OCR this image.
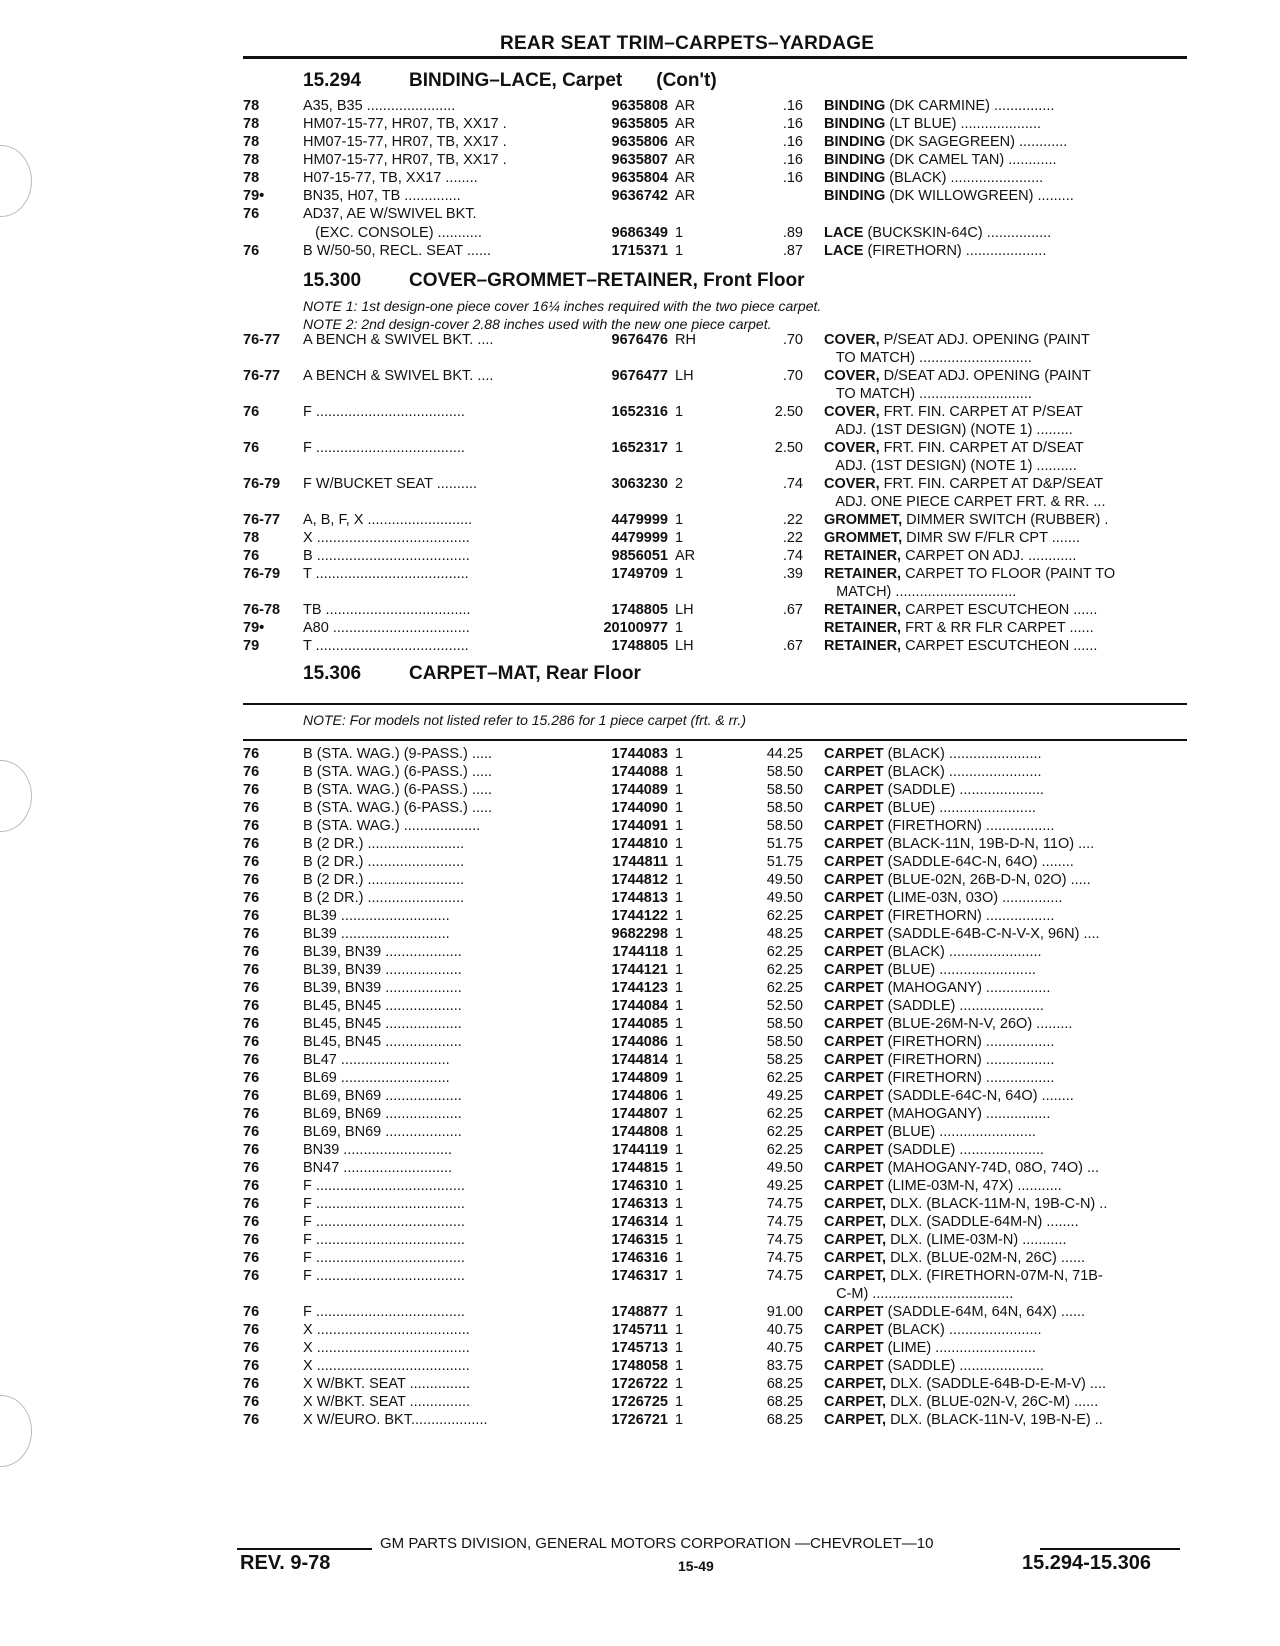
REAR SEAT TRIM–CARPETS–YARDAGE
15.294	BINDING–LACE, Carpet (Con't)
15.300	COVER–GROMMET–RETAINER, Front Floor
NOTE 1: 1st design-one piece cover 16¼ inches required with the two piece carpet.
NOTE 2: 2nd design-cover 2.88 inches used with the new one piece carpet.
15.306	CARPET–MAT, Rear Floor
NOTE: For models not listed refer to 15.286 for 1 piece carpet (frt. & rr.)
78	A35, B35 ......................	9635808 AR	.16 BINDING (DK CARMINE) ...............
78	HM07-15-77, HR07, TB, XX17 .	9635805 AR	.16 BINDING (LT BLUE) ....................
78	HM07-15-77, HR07, TB, XX17 .	9635806 AR	.16 BINDING (DK SAGEGREEN) ............
78	HM07-15-77, HR07, TB, XX17 .	9635807 AR	.16 BINDING (DK CAMEL TAN) ............
78	H07-15-77, TB, XX17 ........	9635804 AR	.16 BINDING (BLACK) .......................
79•	BN35, H07, TB ..............	9636742 AR	BINDING (DK WILLOWGREEN) .........
76	AD37, AE W/SWIVEL BKT.
(EXC. CONSOLE) ...........	9686349 1	.89 LACE (BUCKSKIN-64C) ................
76	B W/50-50, RECL. SEAT ......	1715371 1	.87 LACE (FIRETHORN) ....................
76-77	A BENCH & SWIVEL BKT. ....	9676476 RH	.70 COVER, P/SEAT ADJ. OPENING (PAINT
TO MATCH) ............................
76-77	A BENCH & SWIVEL BKT. ....	9676477 LH	.70 COVER, D/SEAT ADJ. OPENING (PAINT
TO MATCH) ............................
76	F .....................................	1652316 1	2.50 COVER, FRT. FIN. CARPET AT P/SEAT
ADJ. (1ST DESIGN) (NOTE 1) .........
76	F .....................................	1652317 1	2.50 COVER, FRT. FIN. CARPET AT D/SEAT
ADJ. (1ST DESIGN) (NOTE 1) ..........
76-79	F W/BUCKET SEAT ..........	3063230 2	.74 COVER, FRT. FIN. CARPET AT D&P/SEAT
ADJ. ONE PIECE CARPET FRT. & RR. ...
76-77	A, B, F, X ..........................	4479999 1	.22 GROMMET, DIMMER SWITCH (RUBBER) .
78	X ......................................	4479999 1	.22 GROMMET, DIMR SW F/FLR CPT .......
76	B ......................................	9856051 AR	.74 RETAINER, CARPET ON ADJ. ............
76-79	T ......................................	1749709 1	.39 RETAINER, CARPET TO FLOOR (PAINT TO
MATCH) ..............................
76-78	TB ....................................	1748805 LH	.67 RETAINER, CARPET ESCUTCHEON ......
79•	A80 ..................................	20100977 1	RETAINER, FRT & RR FLR CARPET ......
79	T ......................................	1748805 LH	.67 RETAINER, CARPET ESCUTCHEON ......
76	B (STA. WAG.) (9-PASS.) .....	1744083 1	44.25 CARPET (BLACK) .......................
76	B (STA. WAG.) (6-PASS.) .....	1744088 1	58.50 CARPET (BLACK) .......................
76	B (STA. WAG.) (6-PASS.) .....	1744089 1	58.50 CARPET (SADDLE) .....................
76	B (STA. WAG.) (6-PASS.) .....	1744090 1	58.50 CARPET (BLUE) ........................
76	B (STA. WAG.) ...................	1744091 1	58.50 CARPET (FIRETHORN) .................
76	B (2 DR.) ........................	1744810 1	51.75 CARPET (BLACK-11N, 19B-D-N, 11O) ....
76	B (2 DR.) ........................	1744811 1	51.75 CARPET (SADDLE-64C-N, 64O) ........
76	B (2 DR.) ........................	1744812 1	49.50 CARPET (BLUE-02N, 26B-D-N, 02O) .....
76	B (2 DR.) ........................	1744813 1	49.50 CARPET (LIME-03N, 03O) ...............
76	BL39 ...........................	1744122 1	62.25 CARPET (FIRETHORN) .................
76	BL39 ...........................	9682298 1	48.25 CARPET (SADDLE-64B-C-N-V-X, 96N) ....
76	BL39, BN39 ...................	1744118 1	62.25 CARPET (BLACK) .......................
76	BL39, BN39 ...................	1744121 1	62.25 CARPET (BLUE) ........................
76	BL39, BN39 ...................	1744123 1	62.25 CARPET (MAHOGANY) ................
76	BL45, BN45 ...................	1744084 1	52.50 CARPET (SADDLE) .....................
76	BL45, BN45 ...................	1744085 1	58.50 CARPET (BLUE-26M-N-V, 26O) .........
76	BL45, BN45 ...................	1744086 1	58.50 CARPET (FIRETHORN) .................
76	BL47 ...........................	1744814 1	58.25 CARPET (FIRETHORN) .................
76	BL69 ...........................	1744809 1	62.25 CARPET (FIRETHORN) .................
76	BL69, BN69 ...................	1744806 1	49.25 CARPET (SADDLE-64C-N, 64O) ........
76	BL69, BN69 ...................	1744807 1	62.25 CARPET (MAHOGANY) ................
76	BL69, BN69 ...................	1744808 1	62.25 CARPET (BLUE) ........................
76	BN39 ...........................	1744119 1	62.25 CARPET (SADDLE) .....................
76	BN47 ...........................	1744815 1	49.50 CARPET (MAHOGANY-74D, 08O, 74O) ...
76	F .....................................	1746310 1	49.25 CARPET (LIME-03M-N, 47X) ...........
76	F .....................................	1746313 1	74.75 CARPET, DLX. (BLACK-11M-N, 19B-C-N) ..
76	F .....................................	1746314 1	74.75 CARPET, DLX. (SADDLE-64M-N) ........
76	F .....................................	1746315 1	74.75 CARPET, DLX. (LIME-03M-N) ...........
76	F .....................................	1746316 1	74.75 CARPET, DLX. (BLUE-02M-N, 26C) ......
76	F .....................................	1746317 1	74.75 CARPET, DLX. (FIRETHORN-07M-N, 71B-
C-M) ...................................
76	F .....................................	1748877 1	91.00 CARPET (SADDLE-64M, 64N, 64X) ......
76	X ......................................	1745711 1	40.75 CARPET (BLACK) .......................
76	X ......................................	1745713 1	40.75 CARPET (LIME) .........................
76	X ......................................	1748058 1	83.75 CARPET (SADDLE) .....................
76	X W/BKT. SEAT ...............	1726722 1	68.25 CARPET, DLX. (SADDLE-64B-D-E-M-V) ....
76	X W/BKT. SEAT ...............	1726725 1	68.25 CARPET, DLX. (BLUE-02N-V, 26C-M) ......
76	X W/EURO. BKT...................	1726721 1	68.25 CARPET, DLX. (BLACK-11N-V, 19B-N-E) ..
GM PARTS DIVISION, GENERAL MOTORS CORPORATION —CHEVROLET—10
REV. 9-78	15-49	15.294-15.306
